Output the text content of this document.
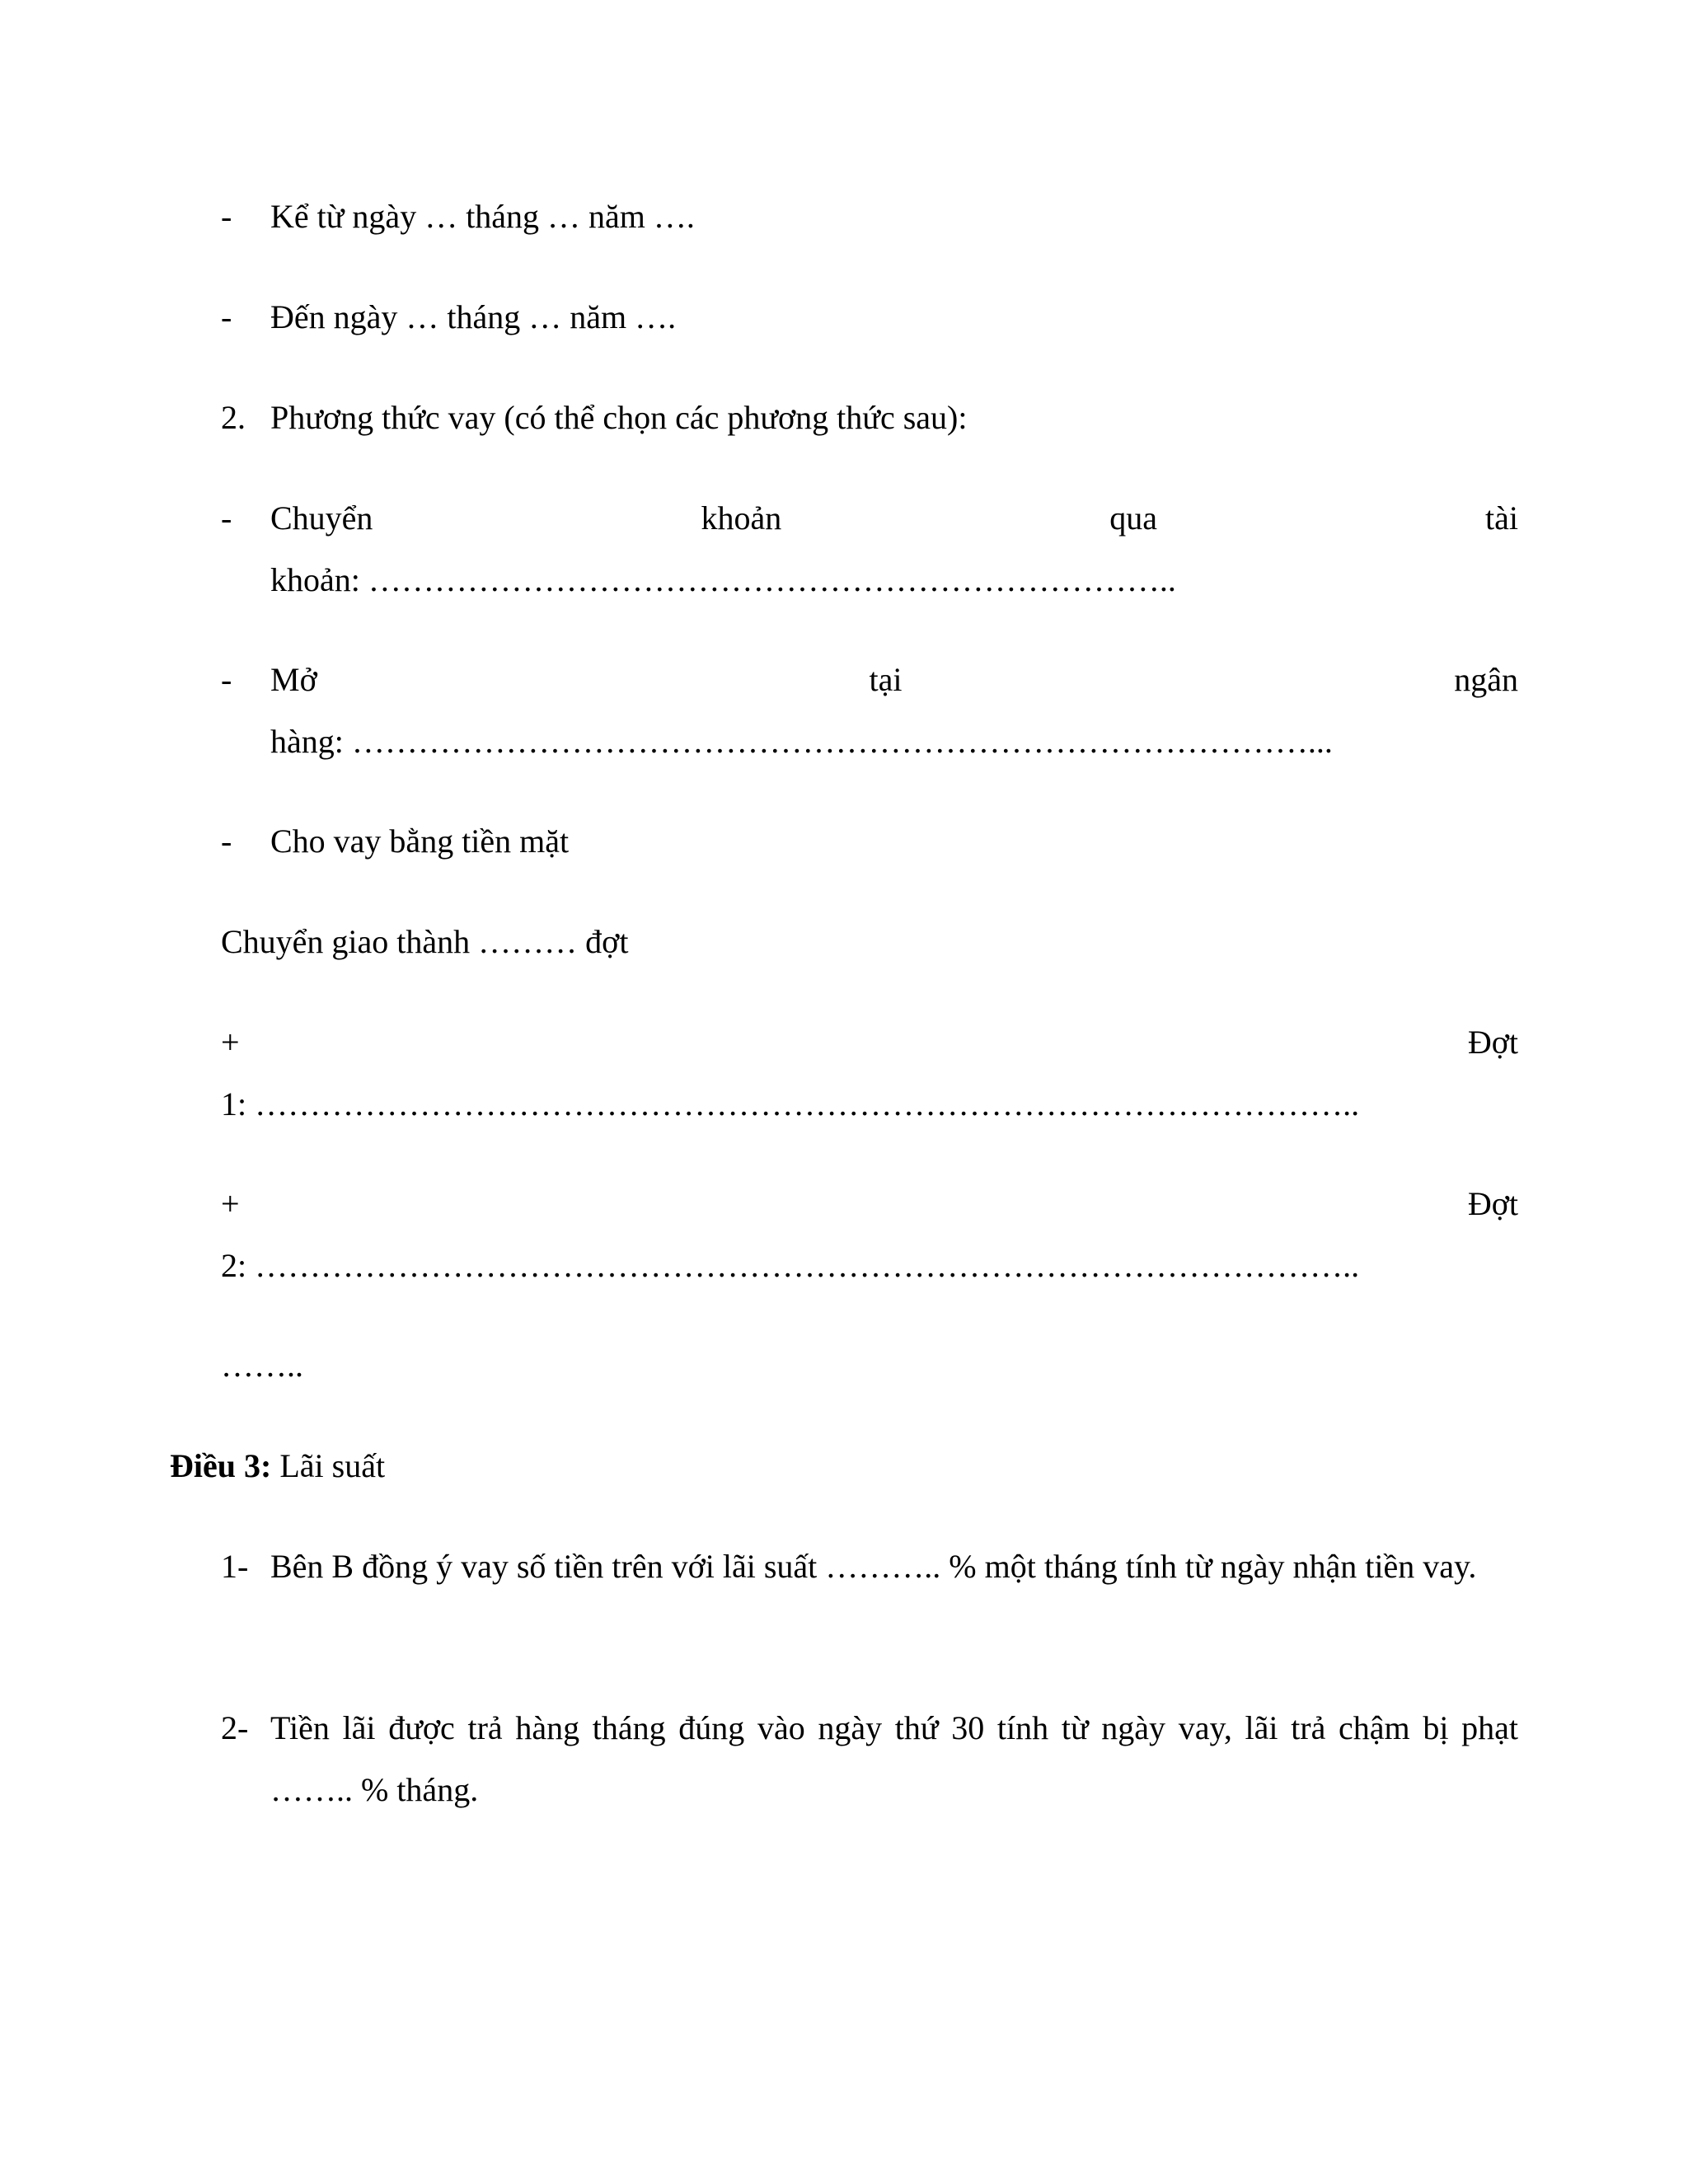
-	Kể từ ngày … tháng … năm ….
-	Đến ngày … tháng … năm ….
2. Phương thức vay (có thể chọn các phương thức sau):
-	Chuyển	khoản	qua	tài
khoản: ………………………………………………………………..
-	Mở	tại	ngân
hàng: ……………………………………………………………………………...
-	Cho vay bằng tiền mặt
Chuyển giao thành ……… đợt
+	Đợt
1: ………………………………………………………………………………………..
+	Đợt
2: ………………………………………………………………………………………..
……..
Điều 3: Lãi suất
1- Bên B đồng ý vay số tiền trên với lãi suất ……….. % một tháng tính từ ngày nhận tiền vay.
2- Tiền lãi được trả hàng tháng đúng vào ngày thứ 30 tính từ ngày vay, lãi trả chậm bị phạt …….. % tháng.
